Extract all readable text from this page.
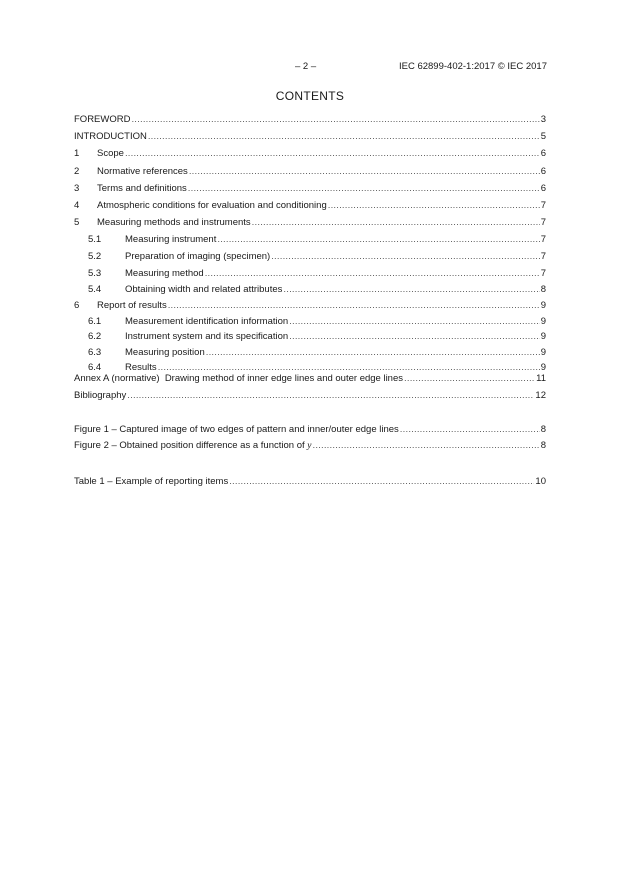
– 2 –	IEC 62899-402-1:2017 © IEC 2017
CONTENTS
FOREWORD .....	3
INTRODUCTION .....	5
1	Scope .....	6
2	Normative references .....	6
3	Terms and definitions .....	6
4	Atmospheric conditions for evaluation and conditioning .....	7
5	Measuring methods and instruments .....	7
5.1	Measuring instrument .....	7
5.2	Preparation of imaging (specimen) .....	7
5.3	Measuring method .....	7
5.4	Obtaining width and related attributes .....	8
6	Report of results .....	9
6.1	Measurement identification information .....	9
6.2	Instrument system and its specification .....	9
6.3	Measuring position .....	9
6.4	Results .....	9
Annex A (normative)  Drawing method of inner edge lines and outer edge lines .....	11
Bibliography .....	12
Figure 1 – Captured image of two edges of pattern and inner/outer edge lines .....	8
Figure 2 – Obtained position difference as a function of y .....	8
Table 1 – Example of reporting items .....	10
